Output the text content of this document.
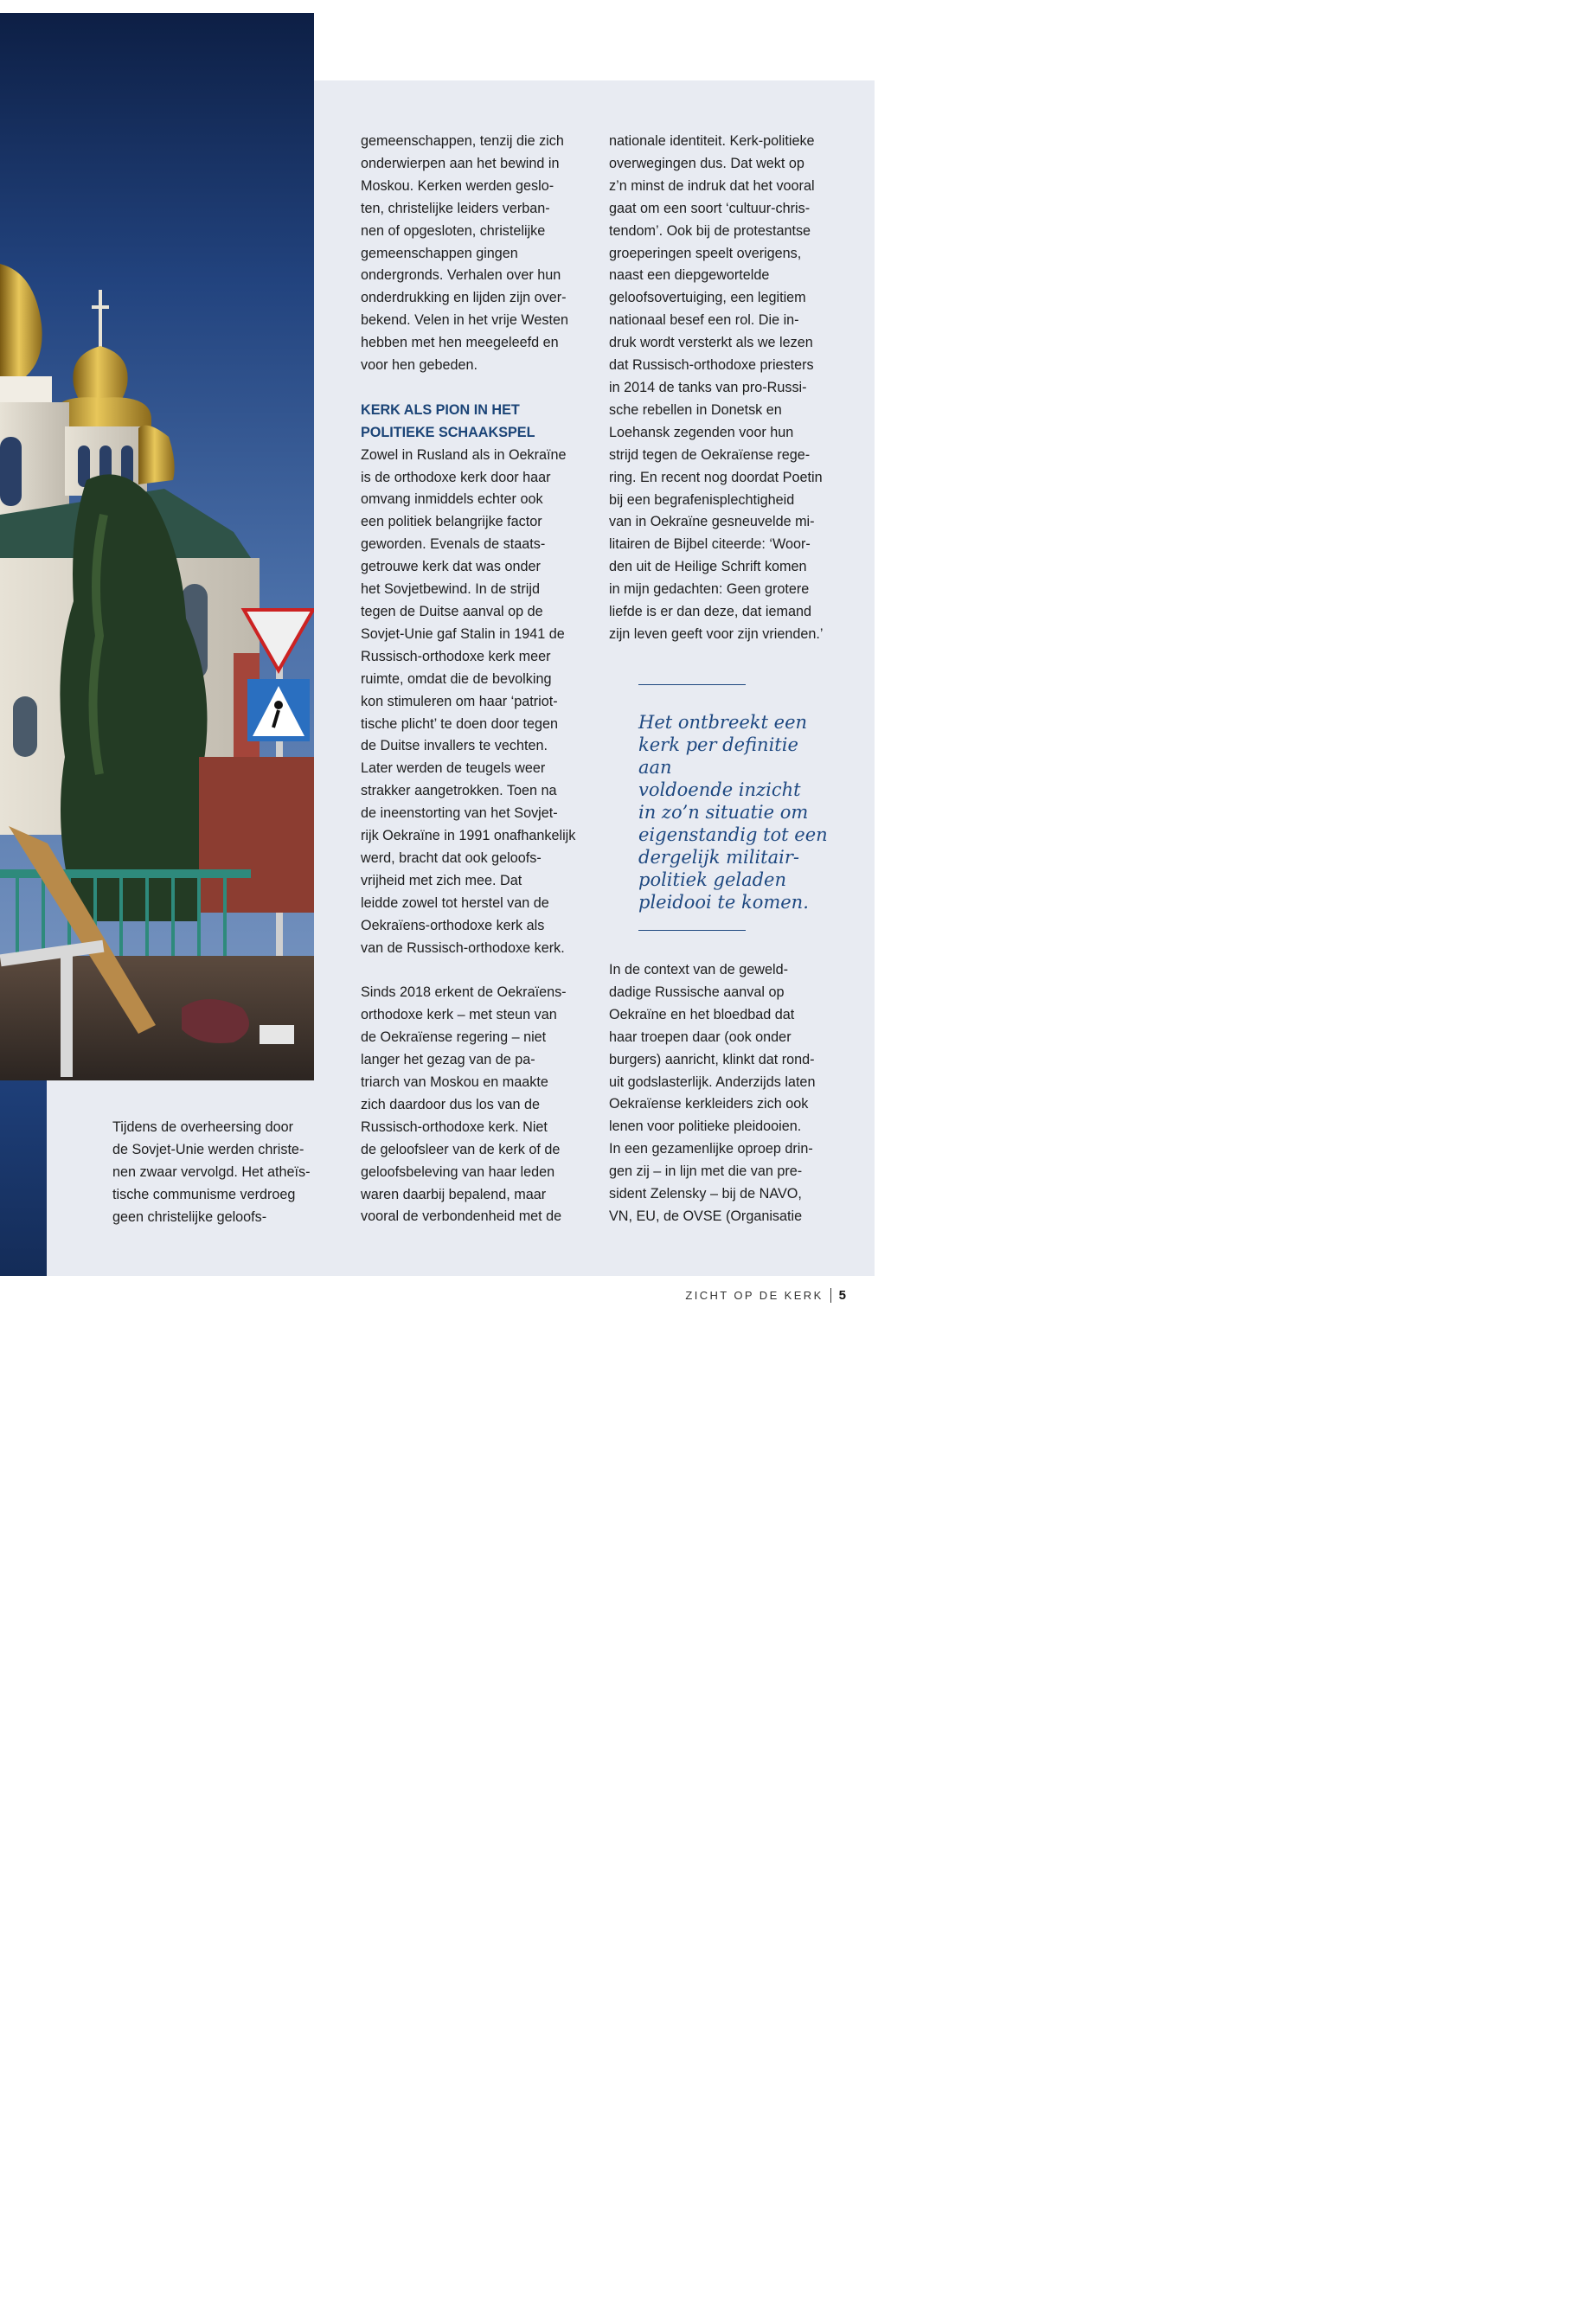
Tijdens de overheersing door
de Sovjet-Unie werden christe-
nen zwaar vervolgd. Het atheïs-
tische communisme verdroeg
geen christelijke geloofs-

gemeenschappen, tenzij die zich
onderwierpen aan het bewind in
Moskou. Kerken werden geslo-
ten, christelijke leiders verban-
nen of opgesloten, christelijke
gemeenschappen gingen
ondergronds. Verhalen over hun
onderdrukking en lijden zijn over-
bekend. Velen in het vrije Westen
hebben met hen meegeleefd en
voor hen gebeden.

KERK ALS PION IN HET
POLITIEKE SCHAAKSPEL

Zowel in Rusland als in Oekraïne
is de orthodoxe kerk door haar
omvang inmiddels echter ook
een politiek belangrijke factor
geworden. Evenals de staats-
getrouwe kerk dat was onder
het Sovjetbewind. In de strijd
tegen de Duitse aanval op de
Sovjet-Unie gaf Stalin in 1941 de
Russisch-orthodoxe kerk meer
ruimte, omdat die de bevolking
kon stimuleren om haar ‘patriot-
tische plicht’ te doen door tegen
de Duitse invallers te vechten.
Later werden de teugels weer
strakker aangetrokken. Toen na
de ineenstorting van het Sovjet-
rijk Oekraïne in 1991 onafhankelijk
werd, bracht dat ook geloofs-
vrijheid met zich mee. Dat
leidde zowel tot herstel van de
Oekraïens-orthodoxe kerk als
van de Russisch-orthodoxe kerk.

Sinds 2018 erkent de Oekraïens-
orthodoxe kerk – met steun van
de Oekraïense regering – niet
langer het gezag van de pa-
triarch van Moskou en maakte
zich daardoor dus los van de
Russisch-orthodoxe kerk. Niet
de geloofsleer van de kerk of de
geloofsbeleving van haar leden
waren daarbij bepalend, maar
vooral de verbondenheid met de

nationale identiteit. Kerk-politieke
overwegingen dus. Dat wekt op
z’n minst de indruk dat het vooral
gaat om een soort ‘cultuur-chris-
tendom’. Ook bij de protestantse
groeperingen speelt overigens,
naast een diepgewortelde
geloofsovertuiging, een legitiem
nationaal besef een rol. Die in-
druk wordt versterkt als we lezen
dat Russisch-orthodoxe priesters
in 2014 de tanks van pro-Russi-
sche rebellen in Donetsk en
Loehansk zegenden voor hun
strijd tegen de Oekraïense rege-
ring. En recent nog doordat Poetin
bij een begrafenisplechtigheid
van in Oekraïne gesneuvelde mi-
litairen de Bijbel citeerde: ‘Woor-
den uit de Heilige Schrift komen
in mijn gedachten: Geen grotere
liefde is er dan deze, dat iemand
zijn leven geeft voor zijn vrienden.’

Het ontbreekt een
kerk per definitie aan
voldoende inzicht
in zo’n situatie om
eigenstandig tot een
dergelijk militair-
politiek geladen
pleidooi te komen.

In de context van de geweld-
dadige Russische aanval op
Oekraïne en het bloedbad dat
haar troepen daar (ook onder
burgers) aanricht, klinkt dat rond-
uit godslasterlijk. Anderzijds laten
Oekraïense kerkleiders zich ook
lenen voor politieke pleidooien.
In een gezamenlijke oproep drin-
gen zij – in lijn met die van pre-
sident Zelensky – bij de NAVO,
VN, EU, de OVSE (Organisatie

ZICHT OP DE KERK 5
